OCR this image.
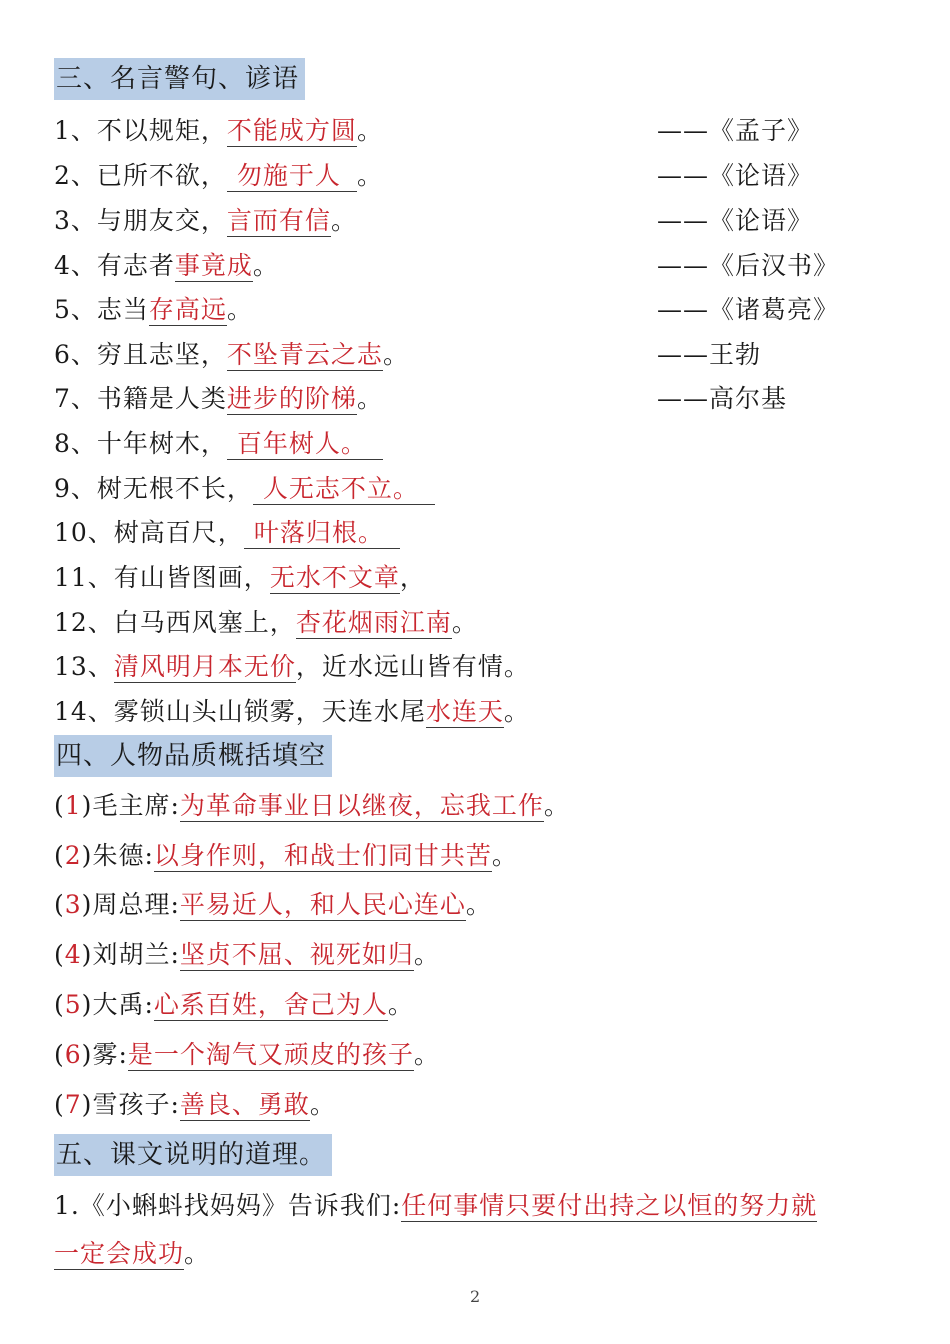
三、名言警句、谚语
1、不以规矩，不能成方圆。	——《孟子》
2、已所不欲， 勿施于人 。	——《论语》
3、与朋友交，言而有信。	——《论语》
4、有志者事竟成。	——《后汉书》
5、志当存高远。	——《诸葛亮》
6、穷且志坚，不坠青云之志。	——王勃
7、书籍是人类进步的阶梯。	——高尔基
8、十年树木， 百年树人。
9、树无根不长， 人无志不立。
10、树高百尺， 叶落归根。
11、有山皆图画，无水不文章，
12、白马西风塞上，杏花烟雨江南。
13、清风明月本无价，近水远山皆有情。
14、雾锁山头山锁雾，天连水尾水连天。
四、人物品质概括填空
(1)毛主席:为革命事业日以继夜，忘我工作。
(2)朱德:以身作则，和战士们同甘共苦。
(3)周总理:平易近人，和人民心连心。
(4)刘胡兰:坚贞不屈、视死如归。
(5)大禹:心系百姓，舍己为人。
(6)雾:是一个淘气又顽皮的孩子。
(7)雪孩子:善良、勇敢。
五、课文说明的道理。
1.《小蝌蚪找妈妈》告诉我们:任何事情只要付出持之以恒的努力就
一定会成功。
2
